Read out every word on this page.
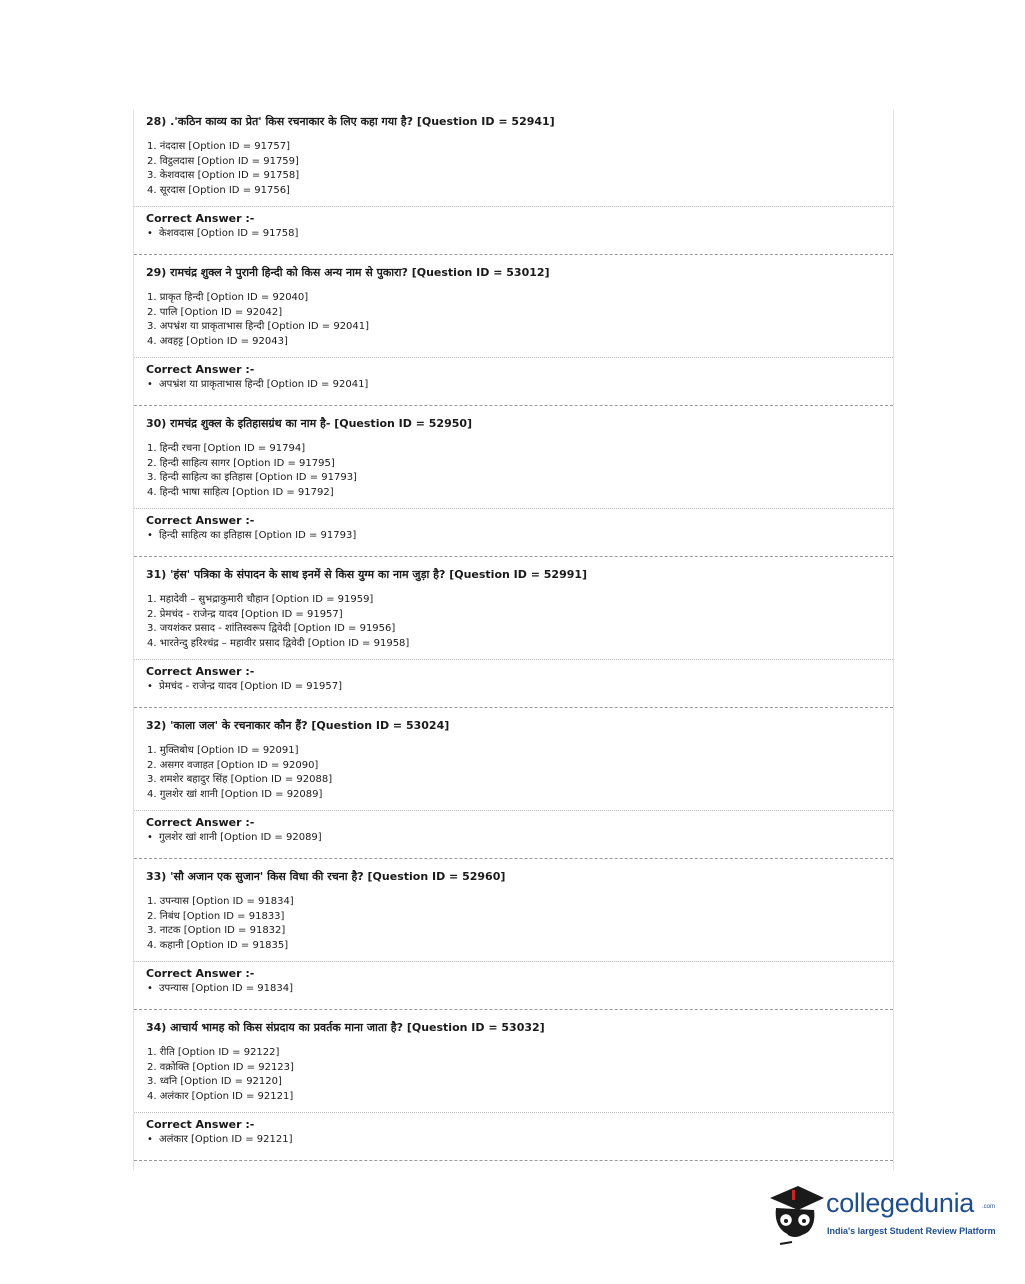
28) .'कठिन काव्य का प्रेत' किस रचनाकार के लिए कहा गया है? [Question ID = 52941]
1. नंददास [Option ID = 91757]
2. विट्ठलदास [Option ID = 91759]
3. केशवदास [Option ID = 91758]
4. सूरदास [Option ID = 91756]
Correct Answer :-
• केशवदास [Option ID = 91758]
29) रामचंद्र शुक्ल ने पुरानी हिन्दी को किस अन्य नाम से पुकारा? [Question ID = 53012]
1. प्राकृत हिन्दी [Option ID = 92040]
2. पालि [Option ID = 92042]
3. अपभ्रंश या प्राकृताभास हिन्दी [Option ID = 92041]
4. अवहट्ट [Option ID = 92043]
Correct Answer :-
• अपभ्रंश या प्राकृताभास हिन्दी [Option ID = 92041]
30) रामचंद्र शुक्ल के इतिहासग्रंथ का नाम है- [Question ID = 52950]
1. हिन्दी रचना [Option ID = 91794]
2. हिन्दी साहित्य सागर [Option ID = 91795]
3. हिन्दी साहित्य का इतिहास [Option ID = 91793]
4. हिन्दी भाषा साहित्य [Option ID = 91792]
Correct Answer :-
• हिन्दी साहित्य का इतिहास [Option ID = 91793]
31) 'हंस' पत्रिका के संपादन के साथ इनमें से किस युग्म का नाम जुड़ा है? [Question ID = 52991]
1. महादेवी – सुभद्राकुमारी चौहान [Option ID = 91959]
2. प्रेमचंद - राजेन्द्र यादव [Option ID = 91957]
3. जयशंकर प्रसाद - शांतिस्वरूप द्विवेदी [Option ID = 91956]
4. भारतेन्दु हरिश्चंद्र – महावीर प्रसाद द्विवेदी [Option ID = 91958]
Correct Answer :-
• प्रेमचंद - राजेन्द्र यादव [Option ID = 91957]
32) 'काला जल' के रचनाकार कौन हैं? [Question ID = 53024]
1. मुक्तिबोध [Option ID = 92091]
2. असगर वजाहत [Option ID = 92090]
3. शमशेर बहादुर सिंह [Option ID = 92088]
4. गुलशेर खां शानी [Option ID = 92089]
Correct Answer :-
• गुलशेर खां शानी [Option ID = 92089]
33) 'सौ अजान एक सुजान' किस विधा की रचना है? [Question ID = 52960]
1. उपन्यास [Option ID = 91834]
2. निबंध [Option ID = 91833]
3. नाटक [Option ID = 91832]
4. कहानी [Option ID = 91835]
Correct Answer :-
• उपन्यास [Option ID = 91834]
34) आचार्य भामह को किस संप्रदाय का प्रवर्तक माना जाता है? [Question ID = 53032]
1. रीति [Option ID = 92122]
2. वक्रोक्ति [Option ID = 92123]
3. ध्वनि [Option ID = 92120]
4. अलंकार [Option ID = 92121]
Correct Answer :-
• अलंकार [Option ID = 92121]
collegedunia .com
India's largest Student Review Platform
